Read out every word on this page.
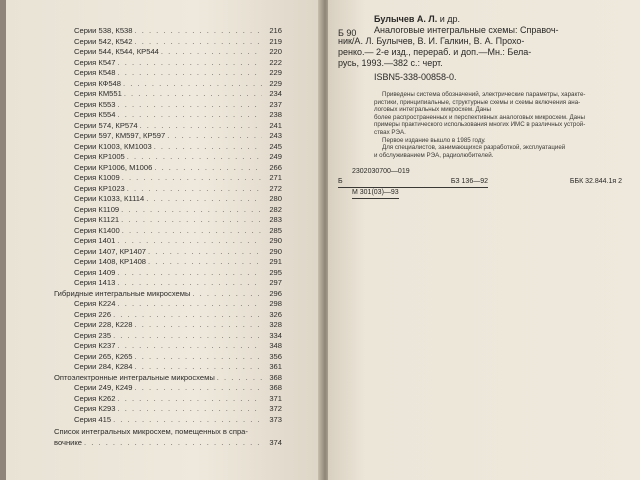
Серии 538, К538 . . .	216
Серии 542, К542 . . .	219
Серии 544, К544, КР544 . . .	220
Серия К547 . . .	222
Серия К548 . . .	229
Серия КФ548 . . .	229
Серия КМ551 . . .	234
Серия К553 . . .	237
Серия К554 . . .	238
Серии 574, КР574 . . .	241
Серии 597, КМ597, КР597 . . .	243
Серии К1003, КМ1003 . . .	245
Серия КР1005 . . .	249
Серии КР1006, М1006 . . .	266
Серия К1009 . . .	271
Серия КР1023 . . .	272
Серии К1033, К1114 . . .	280
Серия К1109 . . .	282
Серия К1121 . . .	283
Серия К1400 . . .	285
Серия 1401 . . .	290
Серии 1407, КР1407 . . .	290
Серии 1408, КР1408 . . .	291
Серия 1409 . . .	295
Серия 1413 . . .	297
Гибридные интегральные микросхемы . . .	296
Серия К224 . . .	298
Серия 226 . . .	326
Серии 228, К228 . . .	328
Серия 235 . . .	334
Серия К237 . . .	348
Серии 265, К265 . . .	356
Серии 284, К284 . . .	361
Оптоэлектронные интегральные микросхемы . . .	368
Серии 249, К249 . . .	368
Серия К262 . . .	371
Серия К293 . . .	372
Серия 415 . . .	373
Список интегральных микросхем, помещенных в спра-
вочнике . . .	374
Б 90
Булычев А. Л. и др.
Аналоговые интегральные схемы: Справоч-
ник/А. Л. Булычев, В. И. Галкин, В. А. Прохо-
ренко.— 2-е изд., перераб. и доп.—Мн.: Бела-
русь, 1993.—382 с.: черт.
ISBN5-338-00858-0.
Приведены система обозначений, электрические параметры, характе-
ристики, принципиальные, структурные схемы и схемы включения ана-
логовых интегральных микросхем. Даны
более распространенных и перспективных аналоговых микросхем. Даны
примеры практического использования многих ИМС в различных устрой-
ствах РЭА.
Первое издание вышло в 1985 году.
Для специалистов, занимающихся разработкой, эксплуатацией
и обслуживанием РЭА, радиолюбителей.
2302030700—019
Б	БЗ 136—92	ББК 32.844.1я 2
М 301(03)—93
